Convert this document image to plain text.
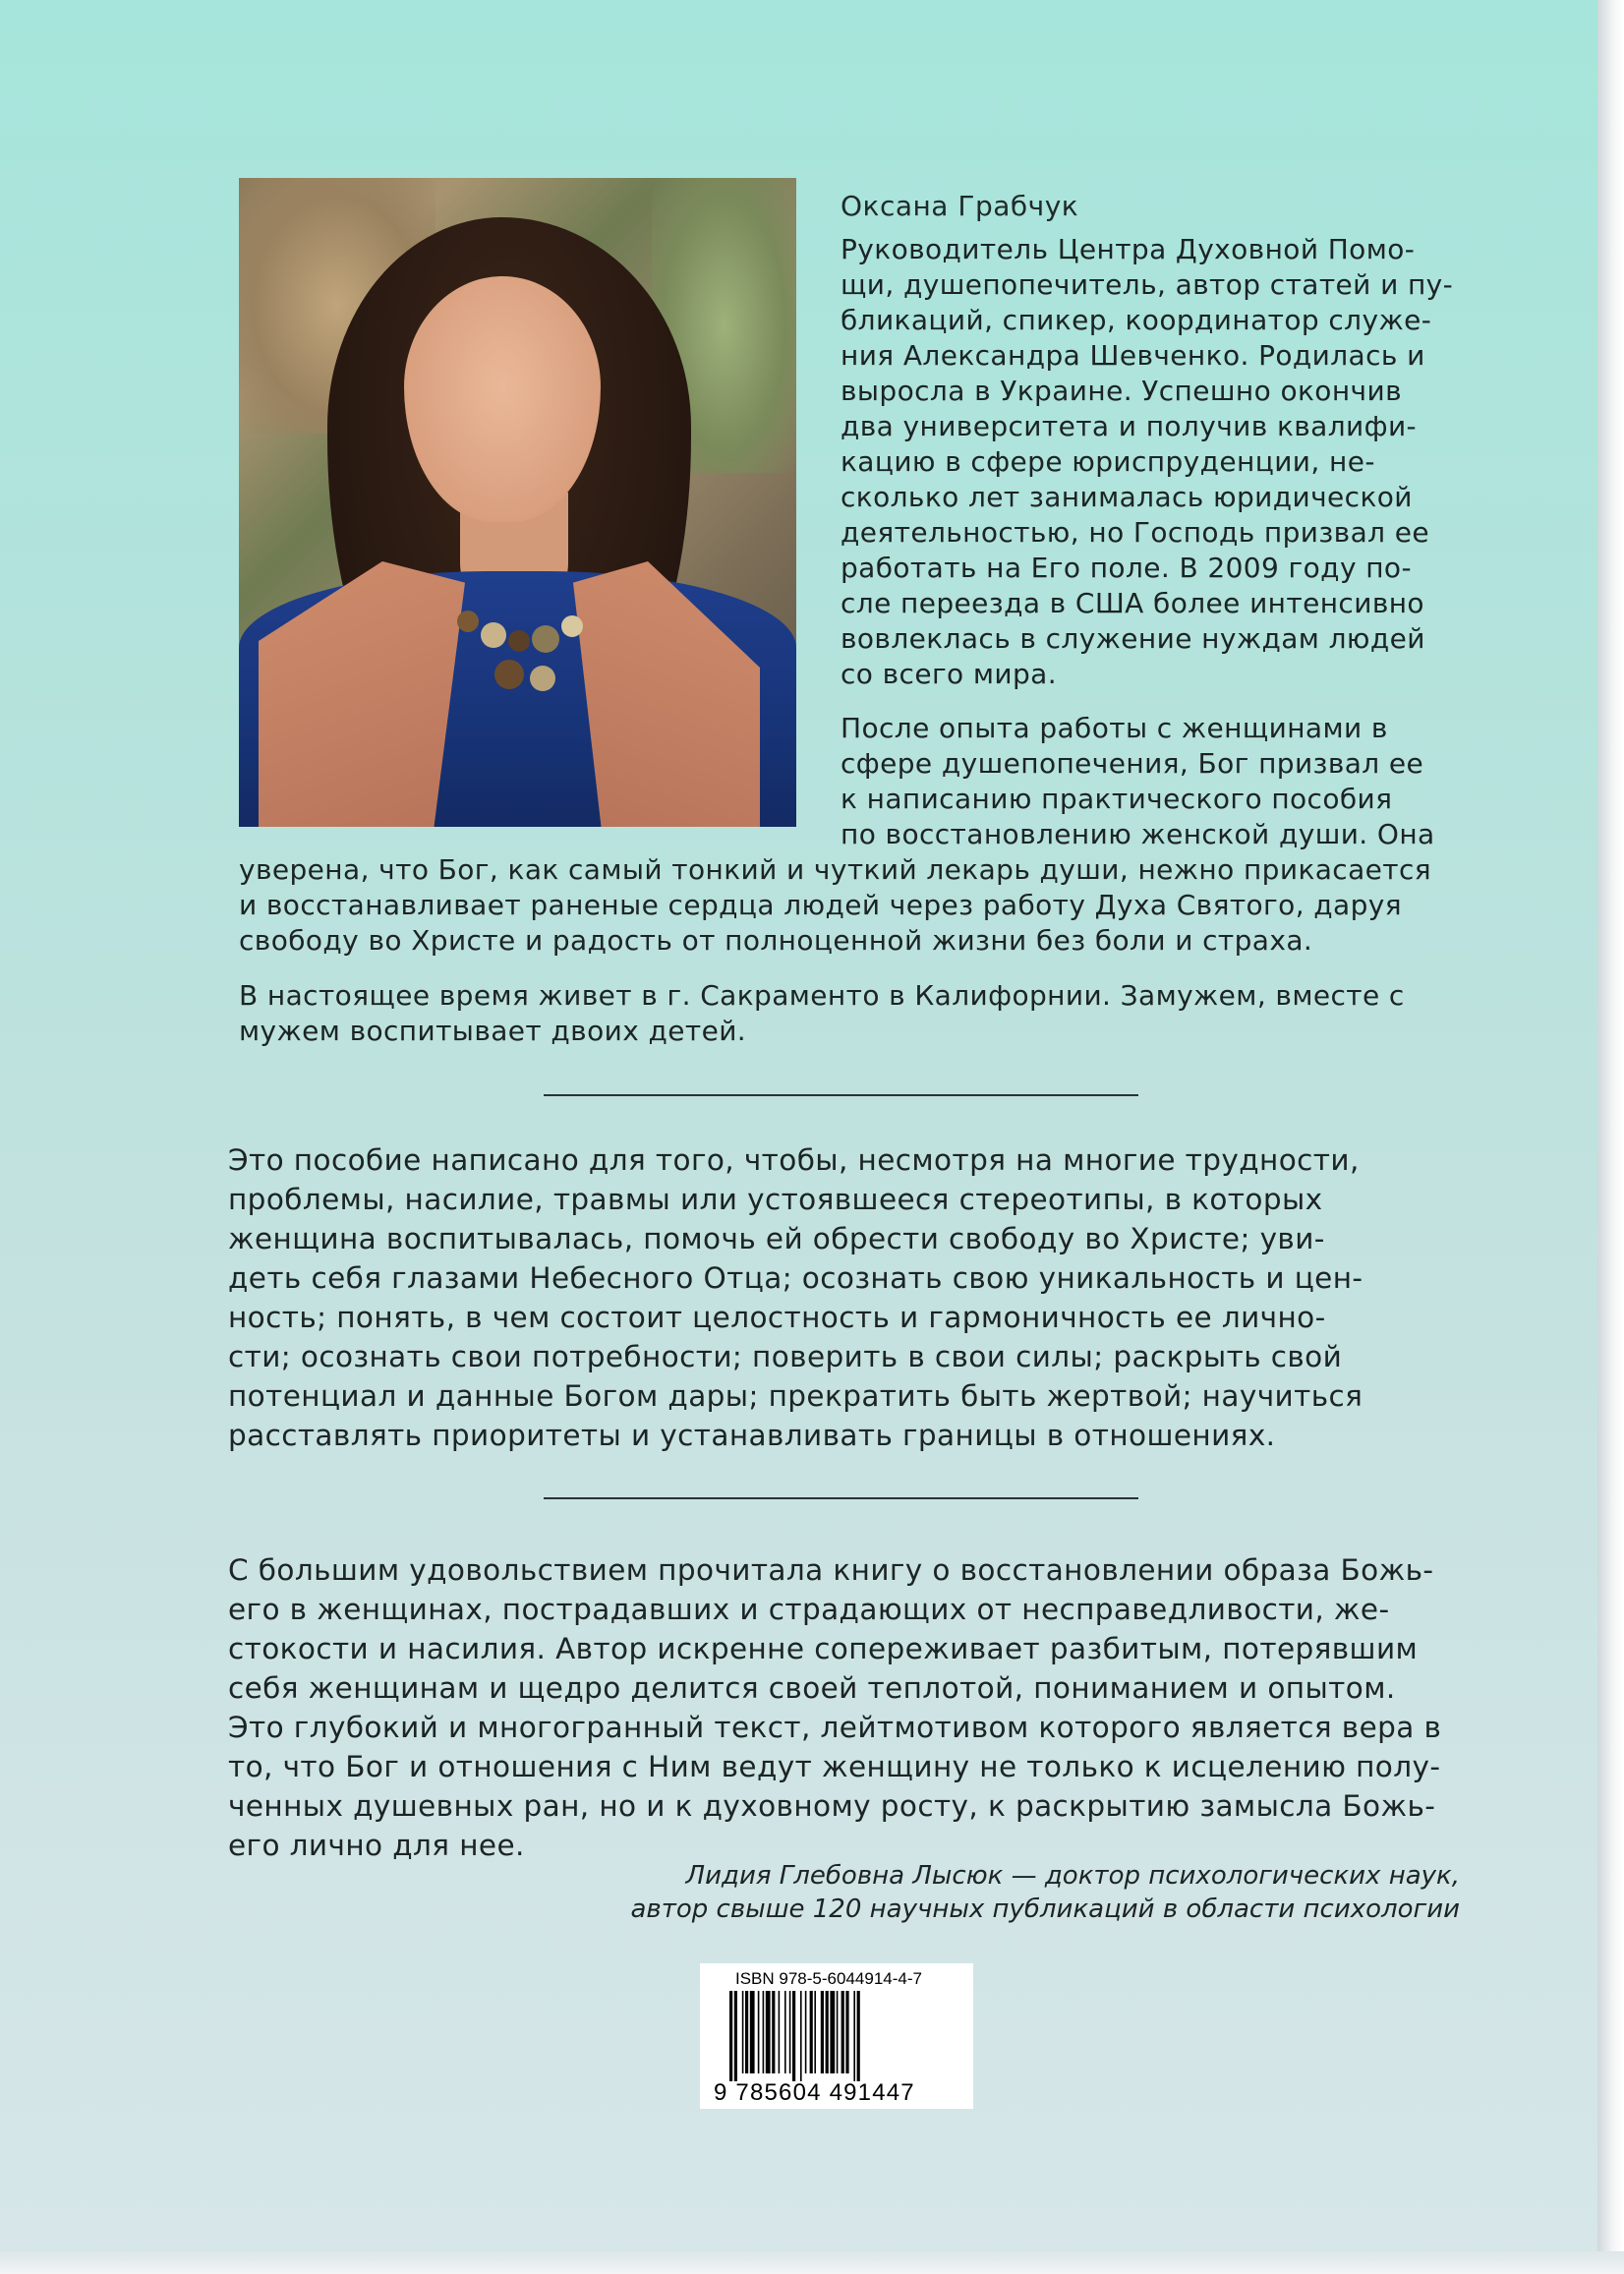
Оксана Грабчук
Руководитель Центра Духовной Помо-
щи, душепопечитель, автор статей и пу-
бликаций, спикер, координатор служе-
ния Александра Шевченко. Родилась и
выросла в Украине. Успешно окончив
два университета и получив квалифи-
кацию в сфере юриспруденции, не-
сколько лет занималась юридической
деятельностью, но Господь призвал ее
работать на Его поле. В 2009 году по-
сле переезда в США более интенсивно
вовлеклась в служение нуждам людей
со всего мира.
После опыта работы с женщинами в
сфере душепопечения, Бог призвал ее
к написанию практического пособия
по восстановлению женской души. Она
уверена, что Бог, как самый тонкий и чуткий лекарь души, нежно прикасается
и восстанавливает раненые сердца людей через работу Духа Святого, даруя
свободу во Христе и радость от полноценной жизни без боли и страха.
В настоящее время живет в г. Сакраменто в Калифорнии. Замужем, вместе с
мужем воспитывает двоих детей.
Это пособие написано для того, чтобы, несмотря на многие трудности,
проблемы, насилие, травмы или устоявшееся стереотипы, в которых
женщина воспитывалась, помочь ей обрести свободу во Христе; уви-
деть себя глазами Небесного Отца; осознать свою уникальность и цен-
ность; понять, в чем состоит целостность и гармоничность ее лично-
сти; осознать свои потребности; поверить в свои силы; раскрыть свой
потенциал и данные Богом дары; прекратить быть жертвой; научиться
расставлять приоритеты и устанавливать границы в отношениях.
С большим удовольствием прочитала книгу о восстановлении образа Божь-
его в женщинах, пострадавших и страдающих от несправедливости, же-
стокости и насилия. Автор искренне сопереживает разбитым, потерявшим
себя женщинам и щедро делится своей теплотой, пониманием и опытом.
Это глубокий и многогранный текст, лейтмотивом которого является вера в
то, что Бог и отношения с Ним ведут женщину не только к исцелению полу-
ченных душевных ран, но и к духовному росту, к раскрытию замысла Божь-
его лично для нее.
Лидия Глебовна Лысюк — доктор психологических наук,
автор свыше 120 научных публикаций в области психологии
ISBN 978-5-6044914-4-7
9 785604 491447
